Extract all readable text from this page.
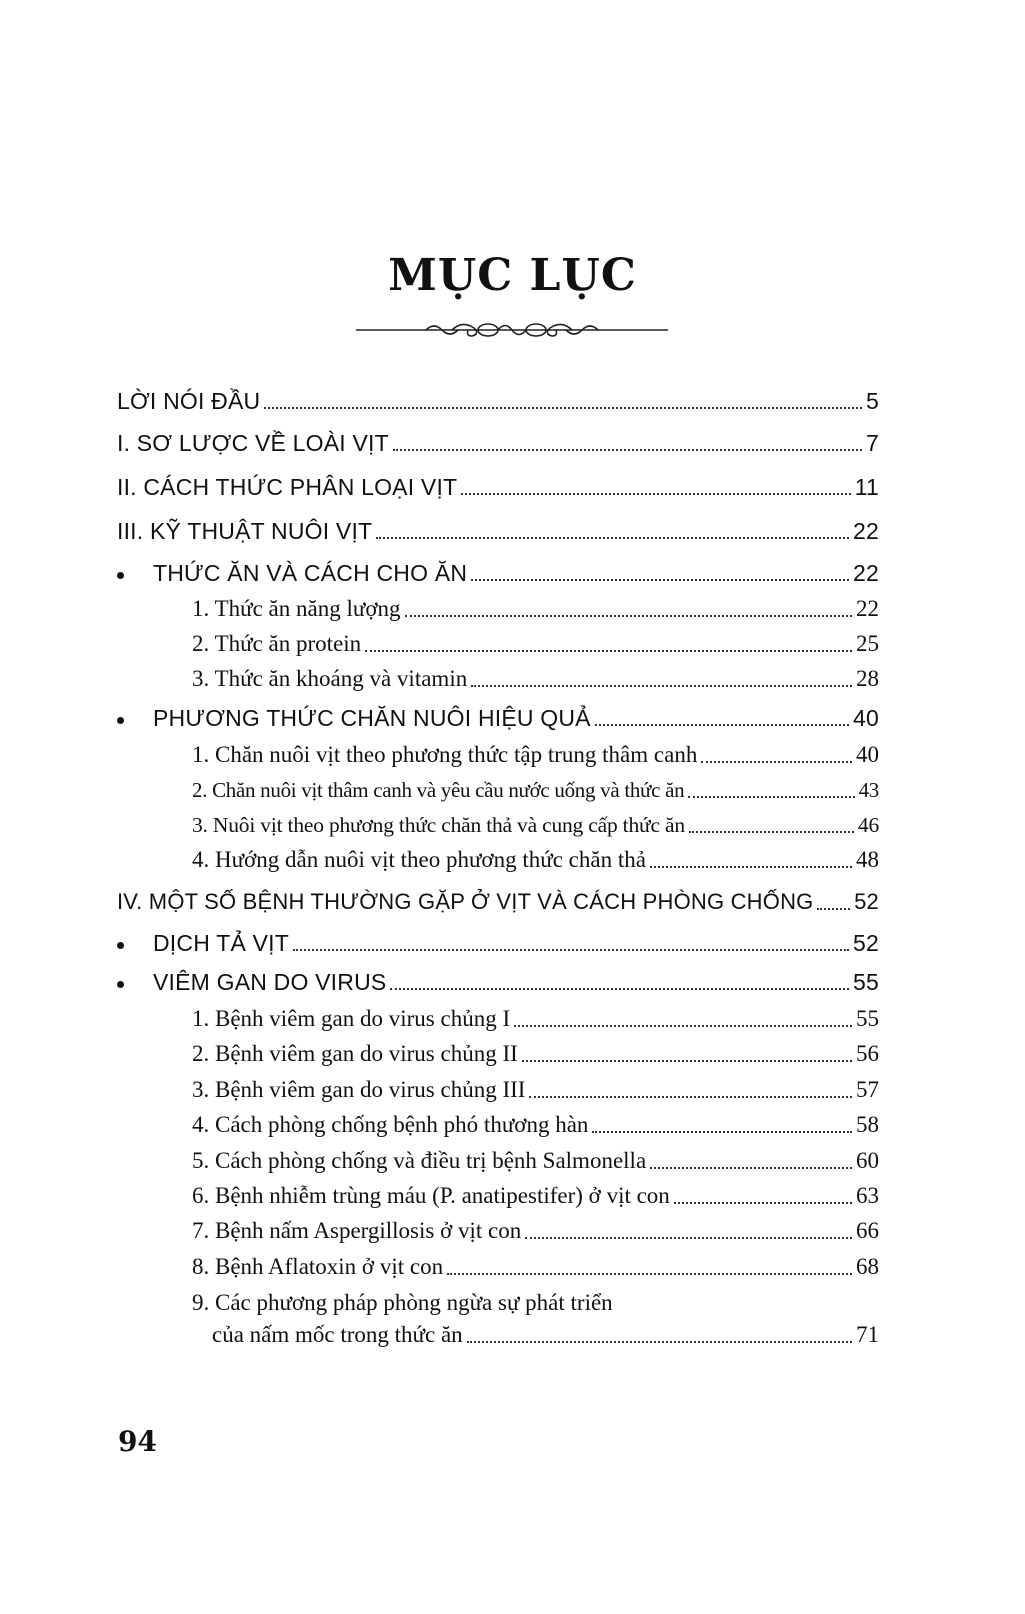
MỤC LỤC
LỜI NÓI ĐẦU	5
I. SƠ LƯỢC VỀ LOÀI VỊT	7
II. CÁCH THỨC PHÂN LOẠI VỊT	11
III. KỸ THUẬT NUÔI VỊT	22
THỨC ĂN VÀ CÁCH CHO ĂN	22
1. Thức ăn năng lượng	22
2. Thức ăn protein	25
3. Thức ăn khoáng và vitamin	28
PHƯƠNG THỨC CHĂN NUÔI HIỆU QUẢ	40
1. Chăn nuôi vịt theo phương thức tập trung thâm canh	40
2. Chăn nuôi vịt thâm canh và yêu cầu nước uống và thức ăn	43
3. Nuôi vịt theo phương thức chăn thả và cung cấp thức ăn	46
4. Hướng dẫn nuôi vịt theo phương thức chăn thả	48
IV. MỘT SỐ BỆNH THƯỜNG GẶP Ở VỊT VÀ CÁCH PHÒNG CHỐNG 52
DỊCH TẢ VỊT	52
VIÊM GAN DO VIRUS	55
1. Bệnh viêm gan do virus chủng I	55
2. Bệnh viêm gan do virus chủng II	56
3. Bệnh viêm gan do virus chủng III	57
4. Cách phòng chống bệnh phó thương hàn	58
5. Cách phòng chống và điều trị bệnh Salmonella	60
6. Bệnh nhiễm trùng máu (P. anatipestifer) ở vịt con	63
7. Bệnh nấm Aspergillosis ở vịt con	66
8. Bệnh Aflatoxin ở vịt con	68
9. Các phương pháp phòng ngừa sự phát triển
của nấm mốc trong thức ăn	71
94
